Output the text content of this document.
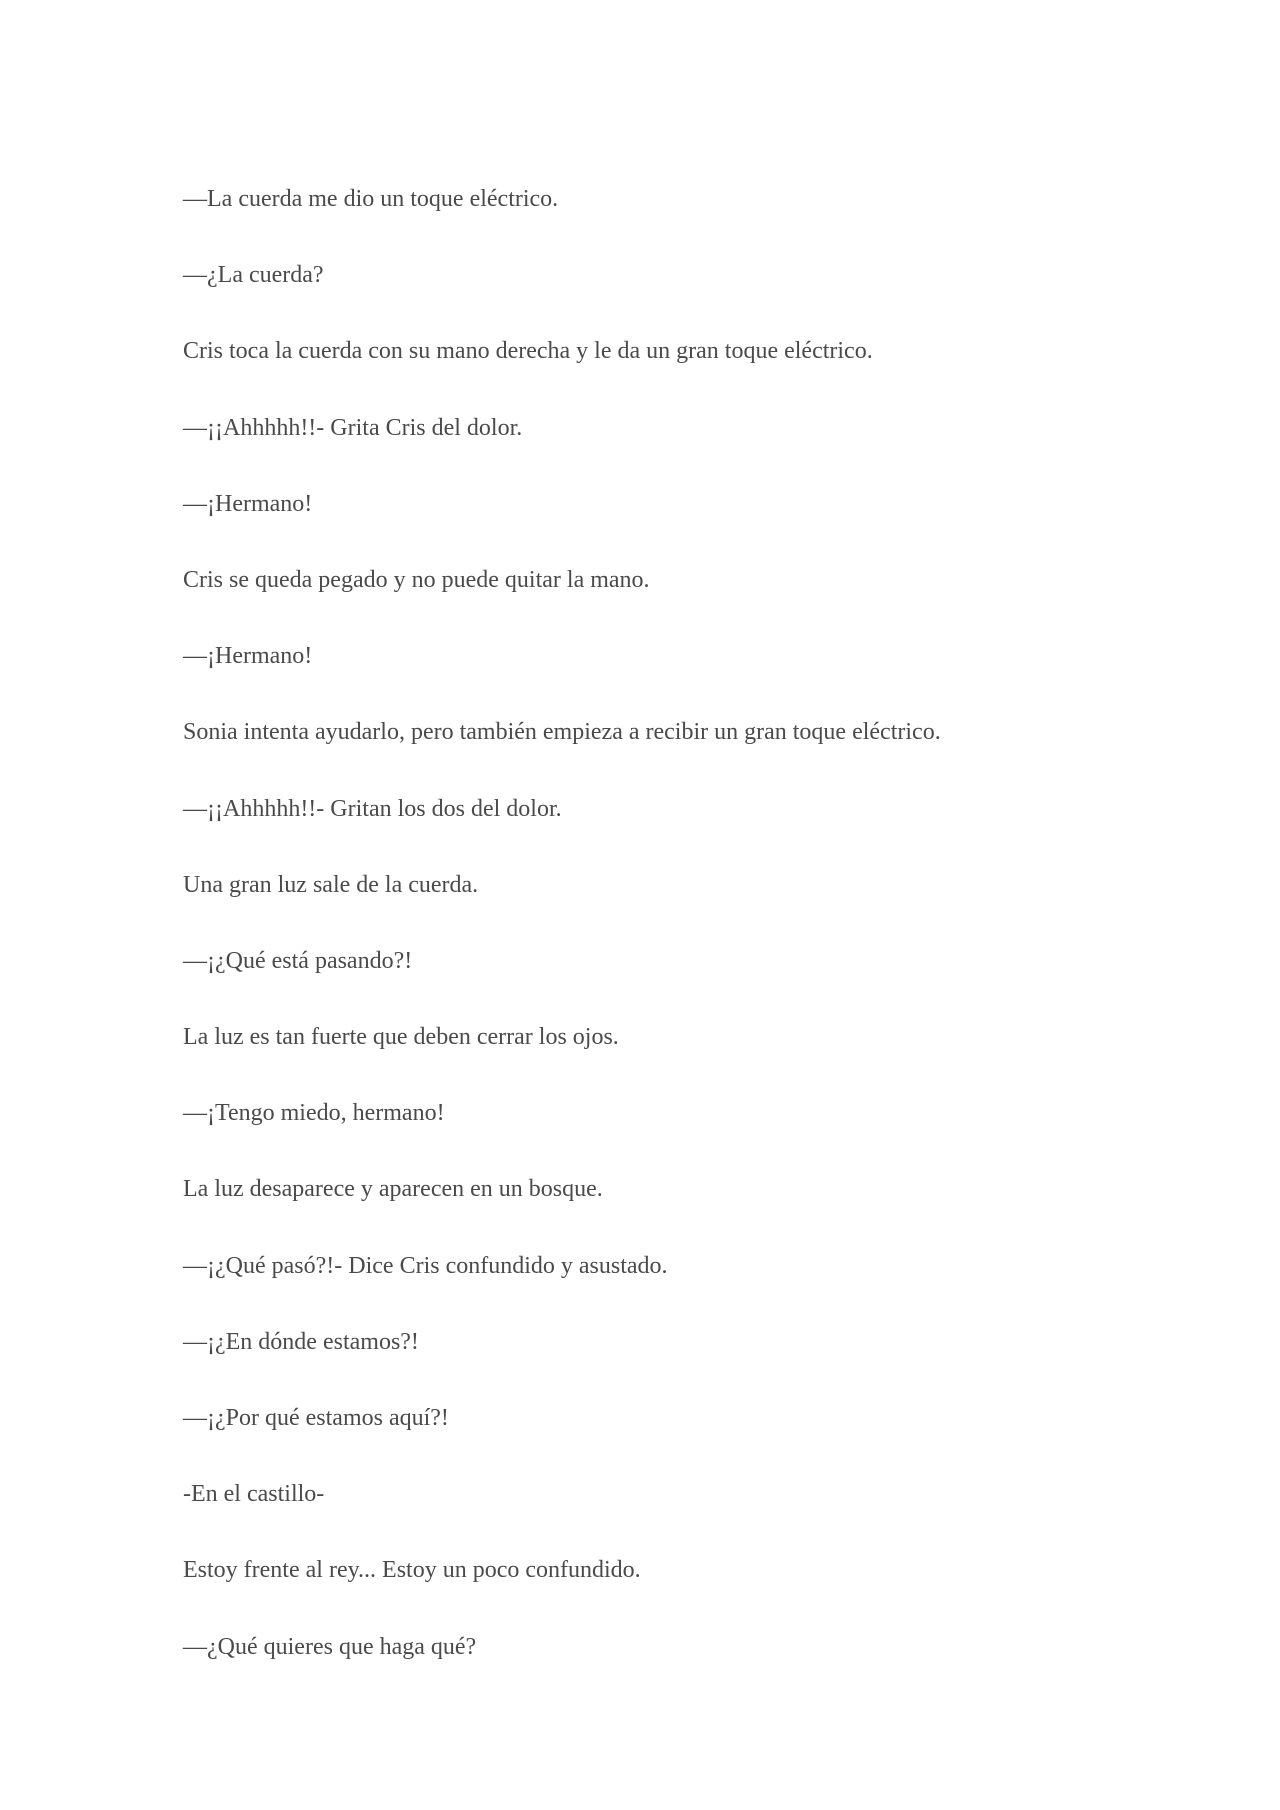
—La cuerda me dio un toque eléctrico.

—¿La cuerda?

Cris toca la cuerda con su mano derecha y le da un gran toque eléctrico.

—¡¡Ahhhhh!!- Grita Cris del dolor.

—¡Hermano!

Cris se queda pegado y no puede quitar la mano.

—¡Hermano!

Sonia intenta ayudarlo, pero también empieza a recibir un gran toque eléctrico.

—¡¡Ahhhhh!!- Gritan los dos del dolor.

Una gran luz sale de la cuerda.

—¡¿Qué está pasando?!

La luz es tan fuerte que deben cerrar los ojos.

—¡Tengo miedo, hermano!

La luz desaparece y aparecen en un bosque.

—¡¿Qué pasó?!- Dice Cris confundido y asustado.

—¡¿En dónde estamos?!

—¡¿Por qué estamos aquí?!

-En el castillo-

Estoy frente al rey... Estoy un poco confundido.

—¿Qué quieres que haga qué?
